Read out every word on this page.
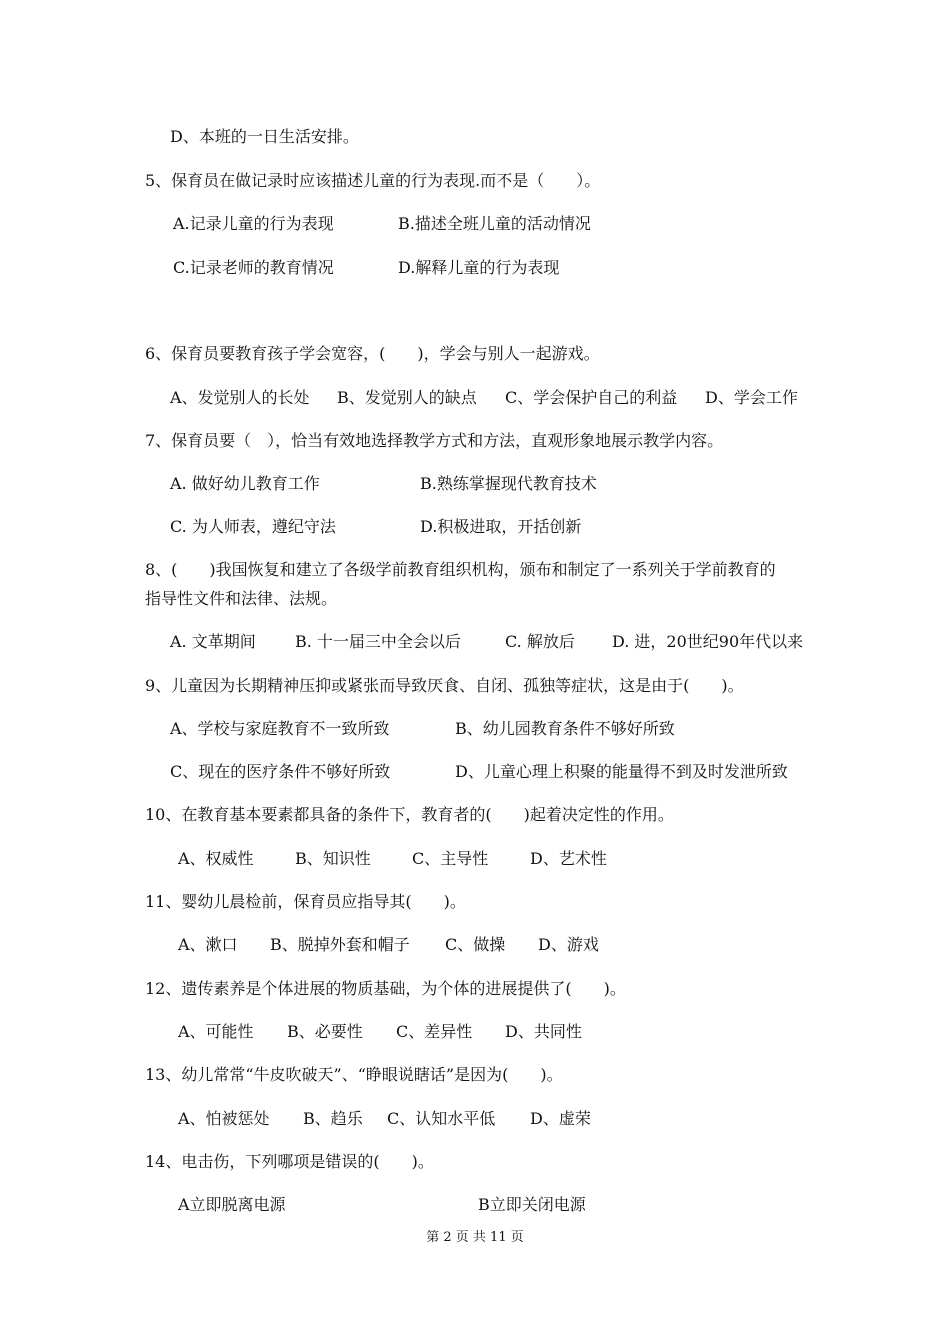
D、本班的一日生活安排。
5、保育员在做记录时应该描述儿童的行为表现.而不是（　　）。
A.记录儿童的行为表现	B.描述全班儿童的活动情况
C.记录老师的教育情况	D.解释儿童的行为表现
6、保育员要教育孩子学会宽容，(　　)，学会与别人一起游戏。
A、发觉别人的长处 B、发觉别人的缺点 C、学会保护自己的利益 D、学会工作
7、保育员要（　），恰当有效地选择教学方式和方法，直观形象地展示教学内容。
A. 做好幼儿教育工作	B.熟练掌握现代教育技术
C. 为人师表，遵纪守法	D.积极进取，开括创新
8、(　　)我国恢复和建立了各级学前教育组织机构，颁布和制定了一系列关于学前教育的
指导性文件和法律、法规。
A. 文革期间 B. 十一届三中全会以后	C. 解放后 D. 进，20世纪90年代以来
9、儿童因为长期精神压抑或紧张而导致厌食、自闭、孤独等症状，这是由于(　　)。
A、学校与家庭教育不一致所致	B、幼儿园教育条件不够好所致
C、现在的医疗条件不够好所致	D、儿童心理上积聚的能量得不到及时发泄所致
10、在教育基本要素都具备的条件下，教育者的(　　)起着决定性的作用。
A、权威性	B、知识性	C、主导性	D、艺术性
11、婴幼儿晨检前，保育员应指导其(　　)。
A、漱口 B、脱掉外套和帽子 C、做操 D、游戏
12、遗传素养是个体进展的物质基础，为个体的进展提供了(　　)。
A、可能性 B、必要性 C、差异性 D、共同性
13、幼儿常常“牛皮吹破天”、“睁眼说瞎话”是因为(　　)。
A、怕被惩处 B、趋乐 C、认知水平低 D、虚荣
14、电击伤，下列哪项是错误的(　　)。
A立即脱离电源	B立即关闭电源
第 2 页 共 11 页
